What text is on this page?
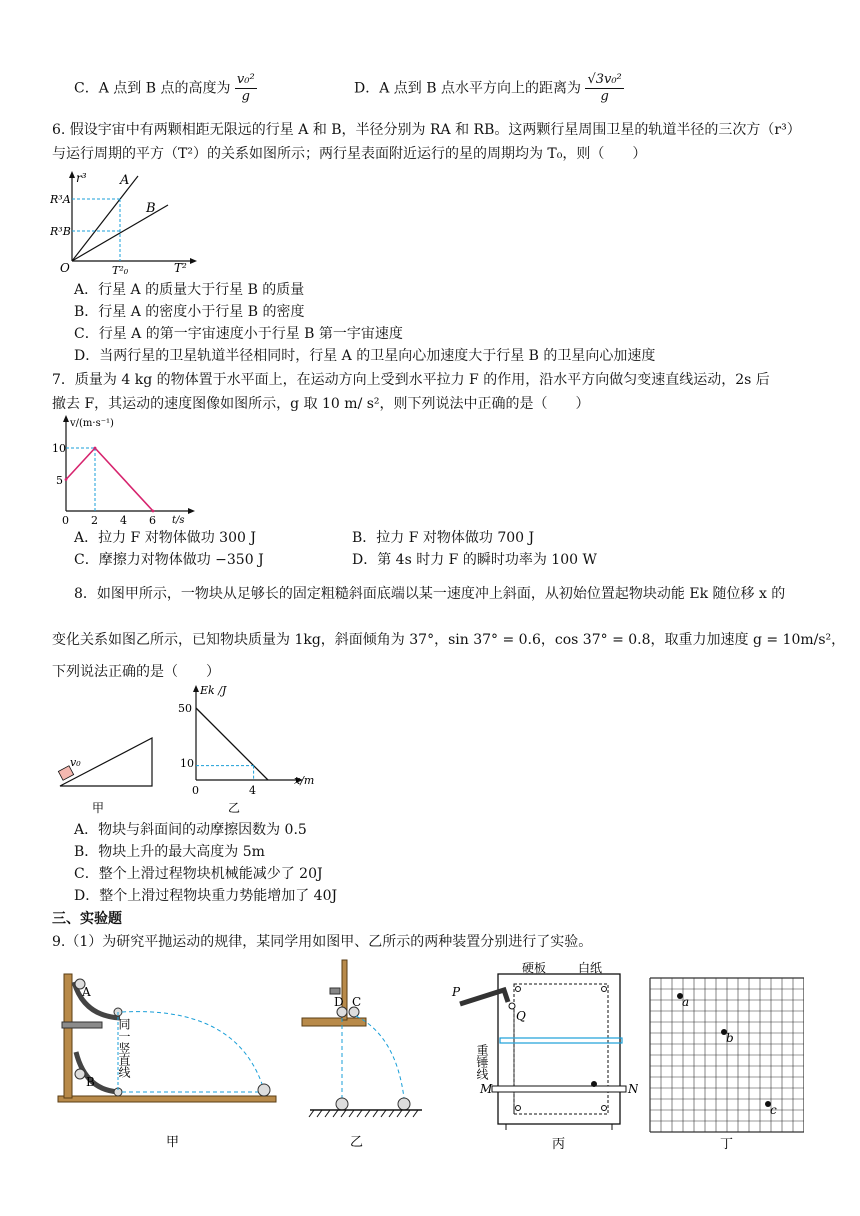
C．A 点到 B 点的高度为 $\frac{\text{v₀²}}{g}$	D．A 点到 B 点水平方向上的距离为 $\frac{\text{√3v₀²}}{g}$
6. 假设宇宙中有两颗相距无限远的行星 A 和 B，半径分别为 RA 和 RB。这两颗行星周围卫星的轨道半径的三次方（r³）
与运行周期的平方（T²）的关系如图所示；两行星表面附近运行的星的周期均为 T₀，则（　　）
r³
T²
O
A
B
R³A
R³B
T²₀
A．行星 A 的质量大于行星 B 的质量
B．行星 A 的密度小于行星 B 的密度
C．行星 A 的第一宇宙速度小于行星 B 第一宇宙速度
D．当两行星的卫星轨道半径相同时，行星 A 的卫星向心加速度大于行星 B 的卫星向心加速度
7．质量为 4 kg 的物体置于水平面上，在运动方向上受到水平拉力 F 的作用，沿水平方向做匀变速直线运动，2s 后
撤去 F，其运动的速度图像如图所示，g 取 10 m/ s²，则下列说法中正确的是（　　）
v/(m·s⁻¹)
t/s
10
5
0 2 4 6
A．拉力 F 对物体做功 300 J	B．拉力 F 对物体做功 700 J
C．摩擦力对物体做功 −350 J	D．第 4s 时力 F 的瞬时功率为 100 W
8．如图甲所示，一物块从足够长的固定粗糙斜面底端以某一速度冲上斜面，从初始位置起物块动能 Ek 随位移 x 的
变化关系如图乙所示，已知物块质量为 1kg，斜面倾角为 37°，sin 37° = 0.6，cos 37° = 0.8，取重力加速度 g = 10m/s²，
下列说法正确的是（　　）
v₀
甲
Ek /J
x/m
50
10
0	4
乙
A．物块与斜面间的动摩擦因数为 0.5
B．物块上升的最大高度为 5m
C．整个上滑过程物块机械能减少了 20J
D．整个上滑过程物块重力势能增加了 40J
三、实验题
9.（1）为研究平抛运动的规律，某同学用如图甲、乙所示的两种装置分别进行了实验。
A
B
同一竖直线
甲
D C
乙
硬板	白纸
P
Q
重锤线
M	N
丙
a
b
c
丁
